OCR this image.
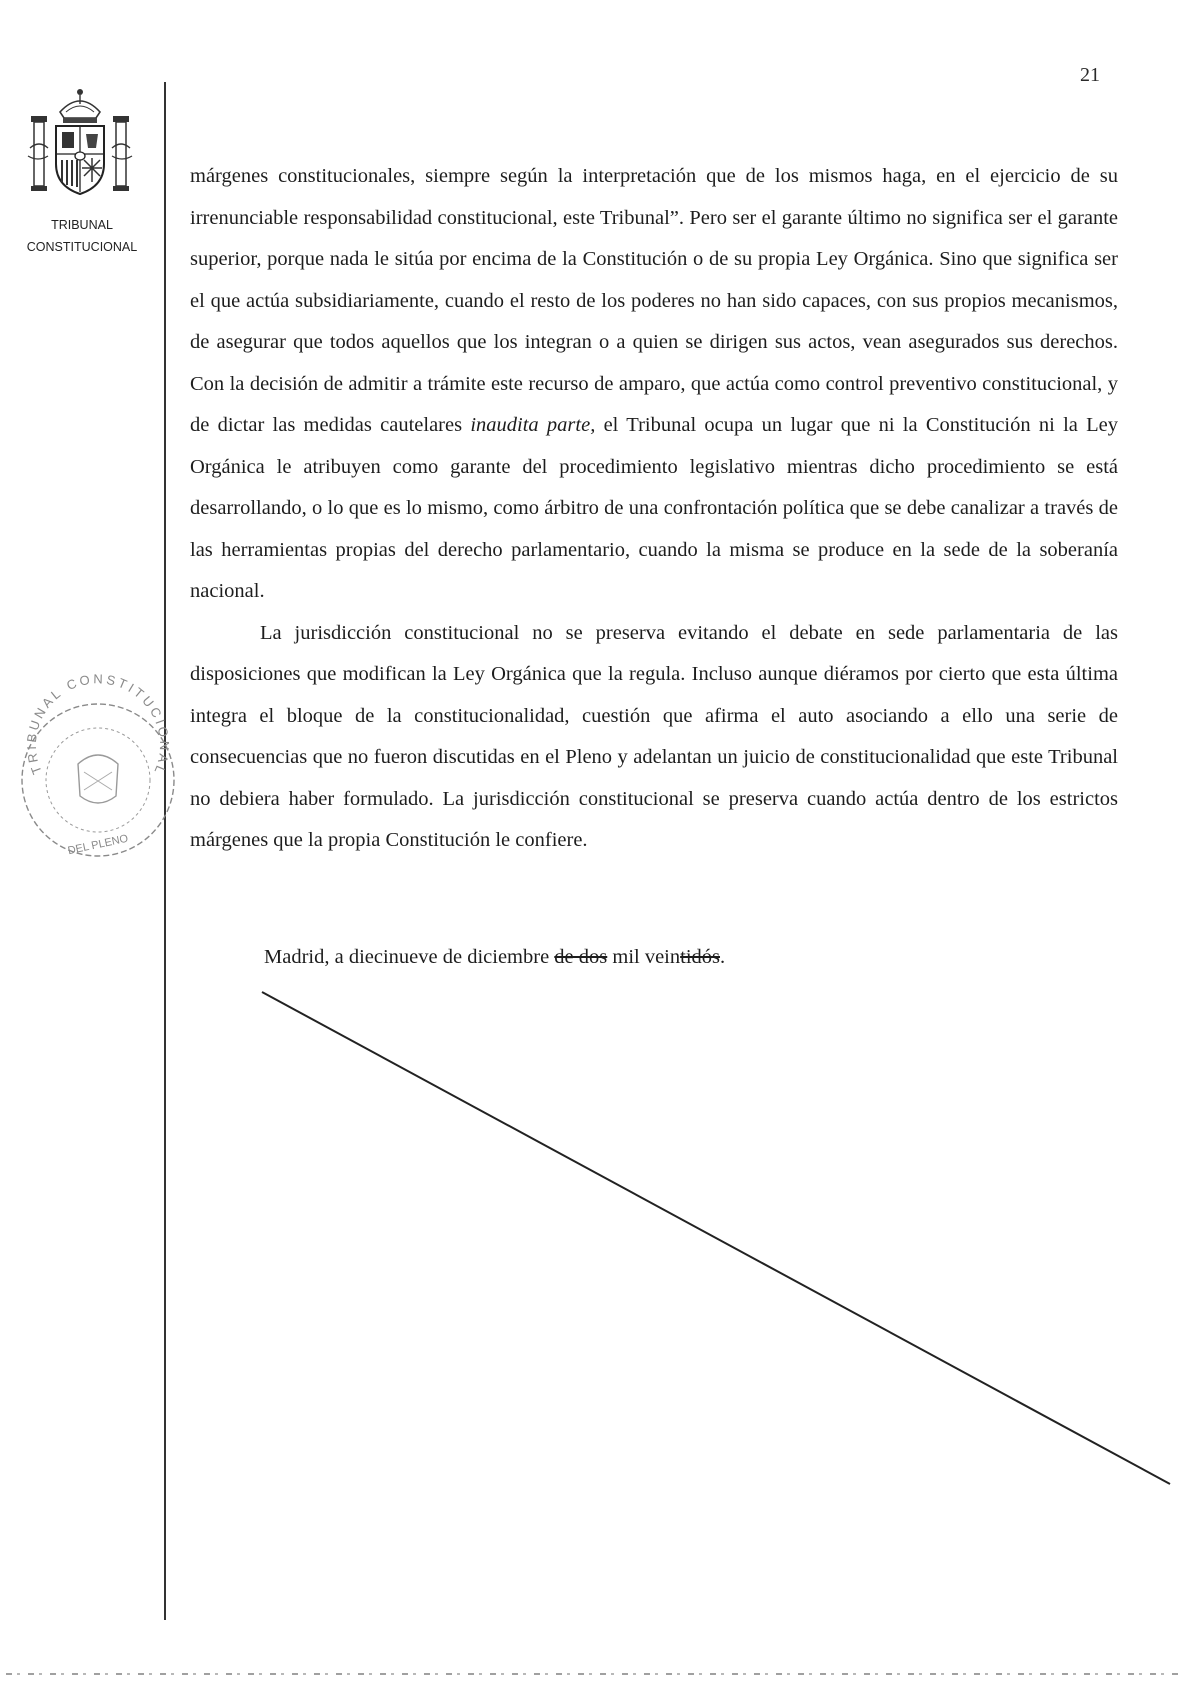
21
TRIBUNAL
CONSTITUCIONAL
TRIBUNAL CONSTITUCIONAL
DEL PLENO

márgenes constitucionales, siempre según la interpretación que de los mismos haga, en el ejercicio de su irrenunciable responsabilidad constitucional, este Tribunal”. Pero ser el garante último no significa ser el garante superior, porque nada le sitúa por encima de la Constitución o de su propia Ley Orgánica. Sino que significa ser el que actúa subsidiariamente, cuando el resto de los poderes no han sido capaces, con sus propios mecanismos, de asegurar que todos aquellos que los integran o a quien se dirigen sus actos, vean asegurados sus derechos. Con la decisión de admitir a trámite este recurso de amparo, que actúa como control preventivo constitucional, y de dictar las medidas cautelares inaudita parte, el Tribunal ocupa un lugar que ni la Constitución ni la Ley Orgánica le atribuyen como garante del procedimiento legislativo mientras dicho procedimiento se está desarrollando, o lo que es lo mismo, como árbitro de una confrontación política que se debe canalizar a través de las herramientas propias del derecho parlamentario, cuando la misma se produce en la sede de la soberanía nacional.

La jurisdicción constitucional no se preserva evitando el debate en sede parlamentaria de las disposiciones que modifican la Ley Orgánica que la regula. Incluso aunque diéramos por cierto que esta última integra el bloque de la constitucionalidad, cuestión que afirma el auto asociando a ello una serie de consecuencias que no fueron discutidas en el Pleno y adelantan un juicio de constitucionalidad que este Tribunal no debiera haber formulado. La jurisdicción constitucional se preserva cuando actúa dentro de los estrictos márgenes que la propia Constitución le confiere.

Madrid, a diecinueve de diciembre de dos mil veintidós.
